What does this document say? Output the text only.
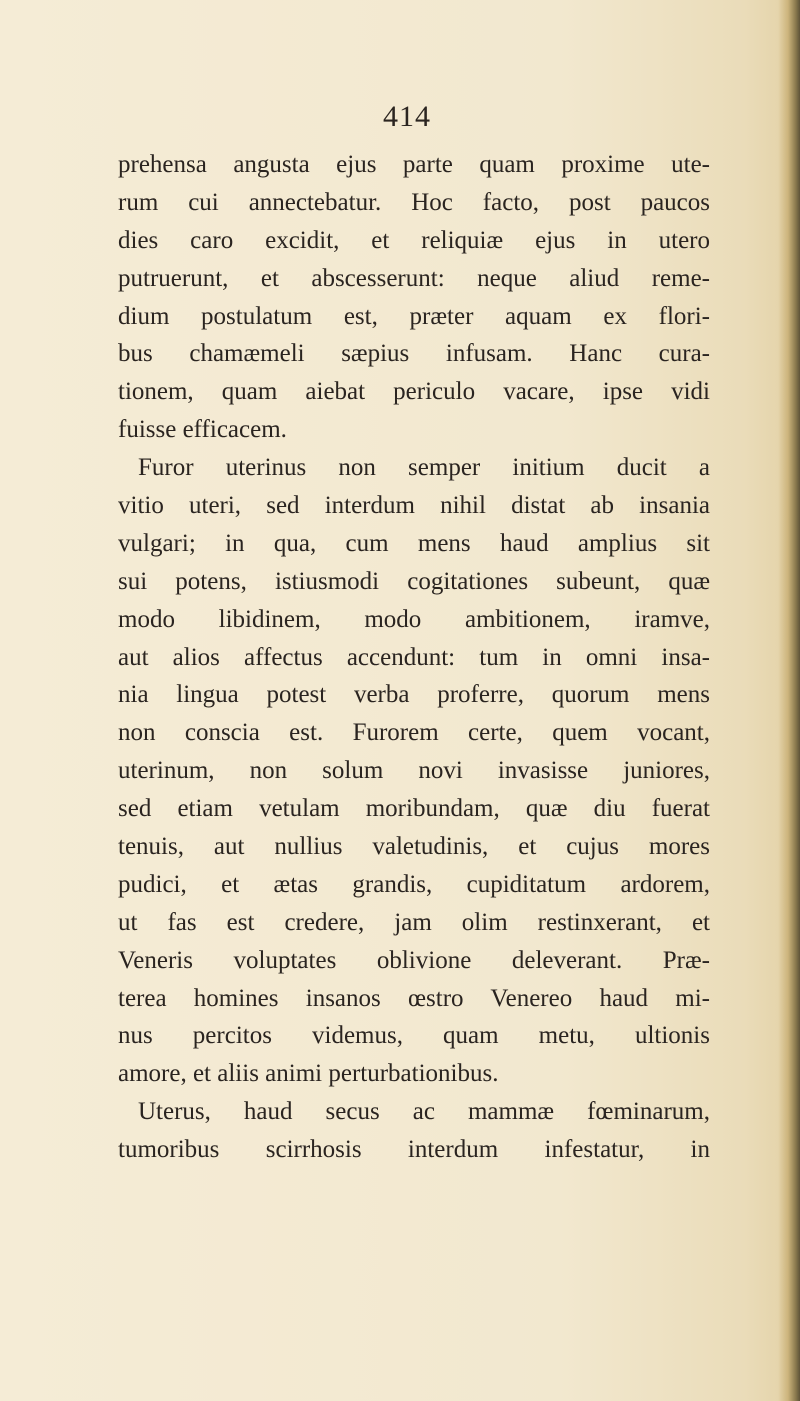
414
prehensa angusta ejus parte quam proxime ute-
rum cui annectebatur. Hoc facto, post paucos
dies caro excidit, et reliquiæ ejus in utero
putruerunt, et abscesserunt: neque aliud reme-
dium postulatum est, præter aquam ex flori-
bus chamæmeli sæpius infusam. Hanc cura-
tionem, quam aiebat periculo vacare, ipse vidi
fuisse efficacem.
Furor uterinus non semper initium ducit a
vitio uteri, sed interdum nihil distat ab insania
vulgari; in qua, cum mens haud amplius sit
sui potens, istiusmodi cogitationes subeunt, quæ
modo libidinem, modo ambitionem, iramve,
aut alios affectus accendunt: tum in omni insa-
nia lingua potest verba proferre, quorum mens
non conscia est. Furorem certe, quem vocant,
uterinum, non solum novi invasisse juniores,
sed etiam vetulam moribundam, quæ diu fuerat
tenuis, aut nullius valetudinis, et cujus mores
pudici, et ætas grandis, cupiditatum ardorem,
ut fas est credere, jam olim restinxerant, et
Veneris voluptates oblivione deleverant. Præ-
terea homines insanos œstro Venereo haud mi-
nus percitos videmus, quam metu, ultionis
amore, et aliis animi perturbationibus.
Uterus, haud secus ac mammæ fœminarum,
tumoribus scirrhosis interdum infestatur, in
